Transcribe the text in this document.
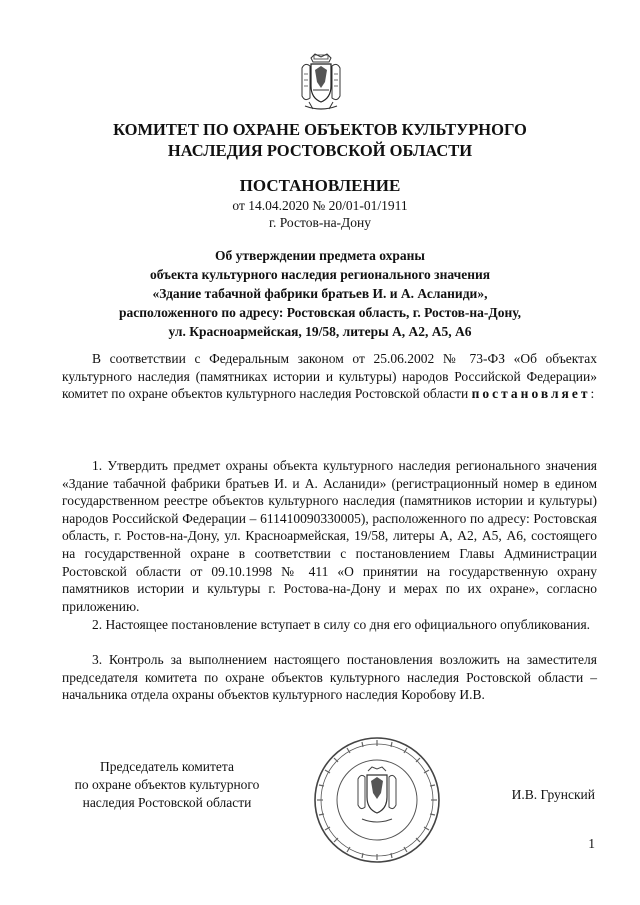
КОМИТЕТ ПО ОХРАНЕ ОБЪЕКТОВ КУЛЬТУРНОГО
НАСЛЕДИЯ РОСТОВСКОЙ ОБЛАСТИ
ПОСТАНОВЛЕНИЕ
от 14.04.2020 № 20/01-01/1911
г. Ростов-на-Дону
Об утверждении предмета охраны
объекта культурного наследия регионального значения
«Здание табачной фабрики братьев И. и А. Асланиди»,
расположенного по адресу: Ростовская область, г. Ростов-на-Дону,
ул. Красноармейская, 19/58, литеры А, А2, А5, А6

В соответствии с Федеральным законом от 25.06.2002 № 73-ФЗ «Об объектах культурного наследия (памятниках истории и культуры) народов Российской Федерации» комитет по охране объектов культурного наследия Ростовской области постановляет:

1. Утвердить предмет охраны объекта культурного наследия регионального значения «Здание табачной фабрики братьев И. и А. Асланиди» (регистрационный номер в едином государственном реестре объектов культурного наследия (памятников истории и культуры) народов Российской Федерации – 611410090330005), расположенного по адресу: Ростовская область, г. Ростов-на-Дону, ул. Красноармейская, 19/58, литеры А, А2, А5, А6, состоящего на государственной охране в соответствии с постановлением Главы Администрации Ростовской области от 09.10.1998 № 411 «О принятии на государственную охрану памятников истории и культуры г. Ростова-на-Дону и мерах по их охране», согласно приложению.

2. Настоящее постановление вступает в силу со дня его официального опубликования.

3. Контроль за выполнением настоящего постановления возложить на заместителя председателя комитета по охране объектов культурного наследия Ростовской области – начальника отдела охраны объектов культурного наследия Коробову И.В.

Председатель комитета
по охране объектов культурного
наследия Ростовской области
И.В. Грунский
1
